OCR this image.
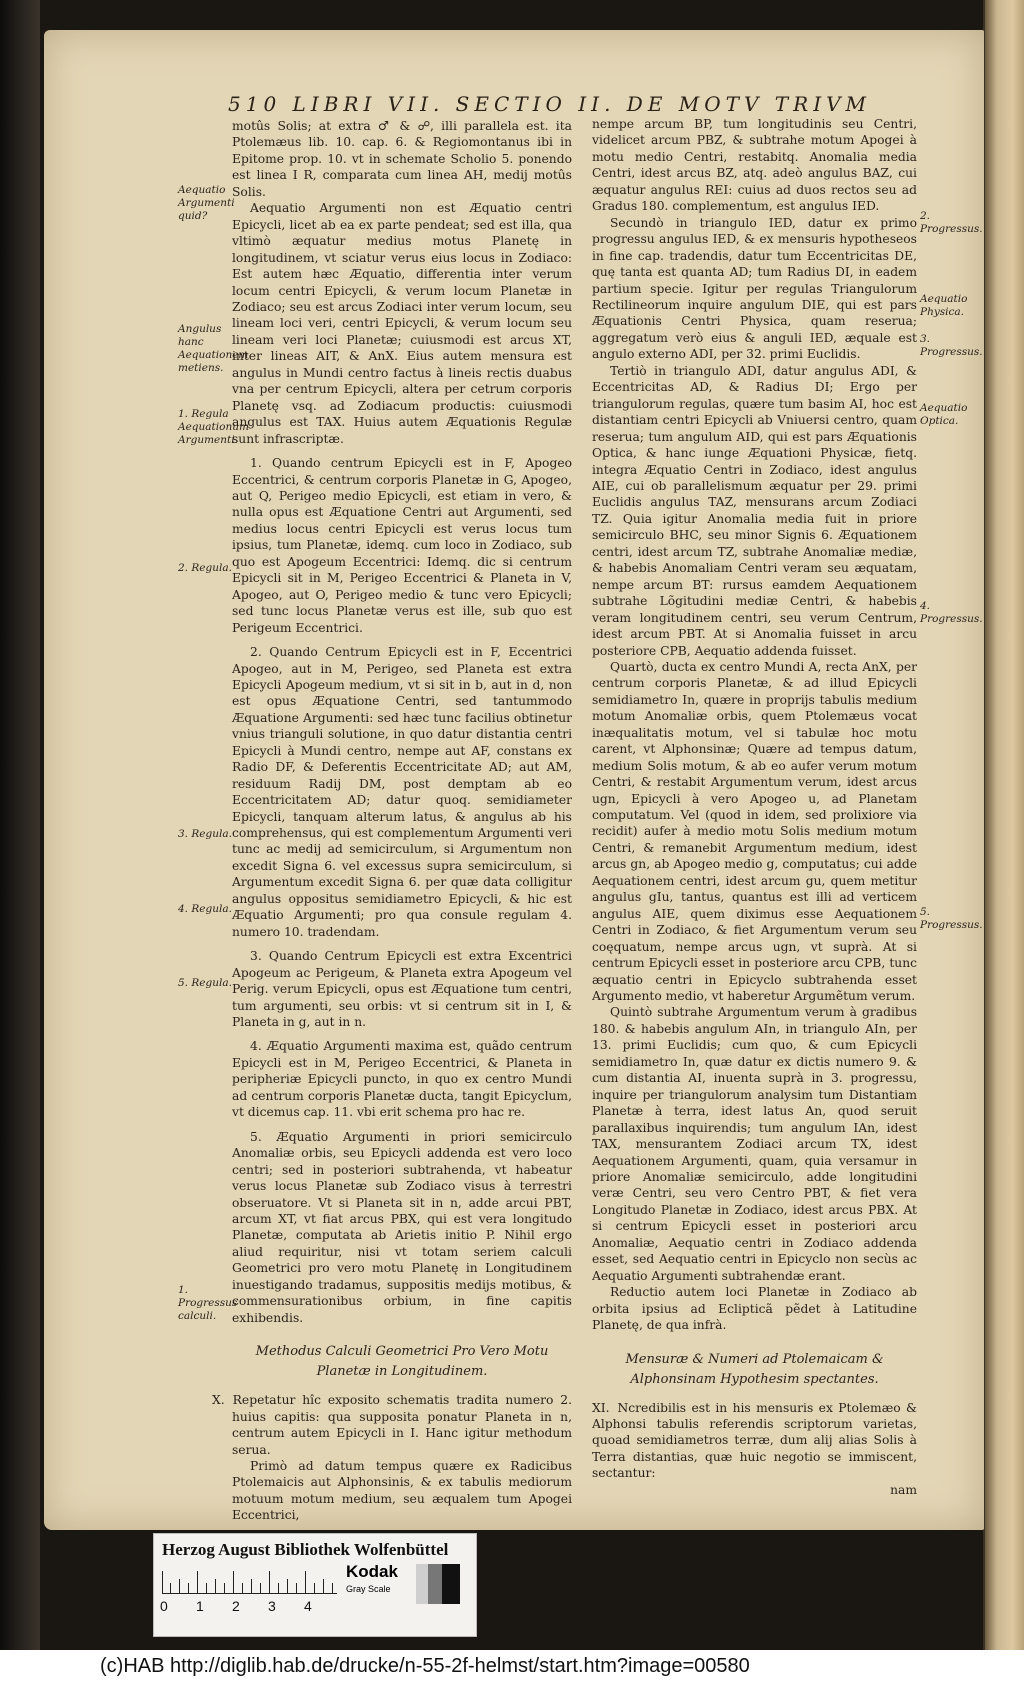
510 LIBRI VII. SECTIO II. DE MOTV TRIVM
Aequatio Argumenti quid?
Angulus hanc Aequationem metiens.
1. Regula Aequationum Argumenti.
2. Regula.
3. Regula.
4. Regula.
5. Regula.
1. Progressus calculi.
2. Progressus.
Aequatio Physica.
3. Progressus.
Aequatio Optica.
4. Progressus.
5. Progressus.

motûs Solis; at extra ♂ & ☍, illi parallela est. ita Ptolemæus lib. 10. cap. 6. & Regiomontanus ibi in Epitome prop. 10. vt in schemate Scholio 5. ponendo est linea I R, comparata cum linea AH, medij motûs Solis.

Aequatio Argumenti non est Æquatio centri Epicycli, licet ab ea ex parte pendeat; sed est illa, qua vltimò æquatur medius motus Planetę in longitudinem, vt sciatur verus eius locus in Zodiaco: Est autem hæc Æquatio, differentia inter verum locum centri Epicycli, & verum locum Planetæ in Zodiaco; seu est arcus Zodiaci inter verum locum, seu lineam loci veri, centri Epicycli, & verum locum seu lineam veri loci Planetæ; cuiusmodi est arcus XT, inter lineas AIT, & AnX. Eius autem mensura est angulus in Mundi centro factus à lineis rectis duabus vna per centrum Epicycli, altera per cetrum corporis Planetę vsq. ad Zodiacum productis: cuiusmodi angulus est TAX. Huius autem Æquationis Regulæ sunt infrascriptæ.

1. Quando centrum Epicycli est in F, Apogeo Eccentrici, & centrum corporis Planetæ in G, Apogeo, aut Q, Perigeo medio Epicycli, est etiam in vero, & nulla opus est Æquatione Centri aut Argumenti, sed medius locus centri Epicycli est verus locus tum ipsius, tum Planetæ, idemq. cum loco in Zodiaco, sub quo est Apogeum Eccentrici: Idemq. dic si centrum Epicycli sit in M, Perigeo Eccentrici & Planeta in V, Apogeo, aut O, Perigeo medio & tunc vero Epicycli; sed tunc locus Planetæ verus est ille, sub quo est Perigeum Eccentrici.

2. Quando Centrum Epicycli est in F, Eccentrici Apogeo, aut in M, Perigeo, sed Planeta est extra Epicycli Apogeum medium, vt si sit in b, aut in d, non est opus Æquatione Centri, sed tantummodo Æquatione Argumenti: sed hæc tunc facilius obtinetur vnius trianguli solutione, in quo datur distantia centri Epicycli à Mundi centro, nempe aut AF, constans ex Radio DF, & Deferentis Eccentricitate AD; aut AM, residuum Radij DM, post demptam ab eo Eccentricitatem AD; datur quoq. semidiameter Epicycli, tanquam alterum latus, & angulus ab his comprehensus, qui est complementum Argumenti veri tunc ac medij ad semicirculum, si Argumentum non excedit Signa 6. vel excessus supra semicirculum, si Argumentum excedit Signa 6. per quæ data colligitur angulus oppositus semidiametro Epicycli, & hic est Æquatio Argumenti; pro qua consule regulam 4. numero 10. tradendam.

3. Quando Centrum Epicycli est extra Excentrici Apogeum ac Perigeum, & Planeta extra Apogeum vel Perig. verum Epicycli, opus est Æquatione tum centri, tum argumenti, seu orbis: vt si centrum sit in I, & Planeta in g, aut in n.

4. Æquatio Argumenti maxima est, quãdo centrum Epicycli est in M, Perigeo Eccentrici, & Planeta in peripheriæ Epicycli puncto, in quo ex centro Mundi ad centrum corporis Planetæ ducta, tangit Epicyclum, vt dicemus cap. 11. vbi erit schema pro hac re.

5. Æquatio Argumenti in priori semicirculo Anomaliæ orbis, seu Epicycli addenda est vero loco centri; sed in posteriori subtrahenda, vt habeatur verus locus Planetæ sub Zodiaco visus à terrestri obseruatore. Vt si Planeta sit in n, adde arcui PBT, arcum XT, vt fiat arcus PBX, qui est vera longitudo Planetæ, computata ab Arietis initio P. Nihil ergo aliud requiritur, nisi vt totam seriem calculi Geometrici pro vero motu Planetę in Longitudinem inuestigando tradamus, suppositis medijs motibus, & commensurationibus orbium, in fine capitis exhibendis.

Methodus Calculi Geometrici Pro Vero Motu Planetæ in Longitudinem.

X. Repetatur hîc exposito schematis tradita numero 2. huius capitis: qua supposita ponatur Planeta in n, centrum autem Epicycli in I. Hanc igitur methodum serua.

Primò ad datum tempus quære ex Radicibus Ptolemaicis aut Alphonsinis, & ex tabulis mediorum motuum motum medium, seu æqualem tum Apogei Eccentrici,

nempe arcum BP, tum longitudinis seu Centri, videlicet arcum PBZ, & subtrahe motum Apogei à motu medio Centri, restabitq. Anomalia media Centri, idest arcus BZ, atq. adeò angulus BAZ, cui æquatur angulus REI: cuius ad duos rectos seu ad Gradus 180. complementum, est angulus IED.

Secundò in triangulo IED, datur ex primo progressu angulus IED, & ex mensuris hypotheseos in fine cap. tradendis, datur tum Eccentricitas DE, quę tanta est quanta AD; tum Radius DI, in eadem partium specie. Igitur per regulas Triangulorum Rectilineorum inquire angulum DIE, qui est pars Æquationis Centri Physica, quam reserua; aggregatum verò eius & anguli IED, æquale est angulo externo ADI, per 32. primi Euclidis.

Tertiò in triangulo ADI, datur angulus ADI, & Eccentricitas AD, & Radius DI; Ergo per triangulorum regulas, quære tum basim AI, hoc est distantiam centri Epicycli ab Vniuersi centro, quam reserua; tum angulum AID, qui est pars Æquationis Optica, & hanc iunge Æquationi Physicæ, fietq. integra Æquatio Centri in Zodiaco, idest angulus AIE, cui ob parallelismum æquatur per 29. primi Euclidis angulus TAZ, mensurans arcum Zodiaci TZ. Quia igitur Anomalia media fuit in priore semicirculo BHC, seu minor Signis 6. Æquationem centri, idest arcum TZ, subtrahe Anomaliæ mediæ, & habebis Anomaliam Centri veram seu æquatam, nempe arcum BT: rursus eamdem Aequationem subtrahe Lõgitudini mediæ Centri, & habebis veram longitudinem centri, seu verum Centrum, idest arcum PBT. At si Anomalia fuisset in arcu posteriore CPB, Aequatio addenda fuisset.

Quartò, ducta ex centro Mundi A, recta AnX, per centrum corporis Planetæ, & ad illud Epicycli semidiametro In, quære in proprijs tabulis medium motum Anomaliæ orbis, quem Ptolemæus vocat inæqualitatis motum, vel si tabulæ hoc motu carent, vt Alphonsinæ; Quære ad tempus datum, medium Solis motum, & ab eo aufer verum motum Centri, & restabit Argumentum verum, idest arcus ugn, Epicycli à vero Apogeo u, ad Planetam computatum. Vel (quod in idem, sed prolixiore via recidit) aufer à medio motu Solis medium motum Centri, & remanebit Argumentum medium, idest arcus gn, ab Apogeo medio g, computatus; cui adde Aequationem centri, idest arcum gu, quem metitur angulus gIu, tantus, quantus est illi ad verticem angulus AIE, quem diximus esse Aequationem Centri in Zodiaco, & fiet Argumentum verum seu coęquatum, nempe arcus ugn, vt suprà. At si centrum Epicycli esset in posteriore arcu CPB, tunc æquatio centri in Epicyclo subtrahenda esset Argumento medio, vt haberetur Argumẽtum verum.

Quintò subtrahe Argumentum verum à gradibus 180. & habebis angulum AIn, in triangulo AIn, per 13. primi Euclidis; cum quo, & cum Epicycli semidiametro In, quæ datur ex dictis numero 9. & cum distantia AI, inuenta suprà in 3. progressu, inquire per triangulorum analysim tum Distantiam Planetæ à terra, idest latus An, quod seruit parallaxibus inquirendis; tum angulum IAn, idest TAX, mensurantem Zodiaci arcum TX, idest Aequationem Argumenti, quam, quia versamur in priore Anomaliæ semicirculo, adde longitudini veræ Centri, seu vero Centro PBT, & fiet vera Longitudo Planetæ in Zodiaco, idest arcus PBX. At si centrum Epicycli esset in posteriori arcu Anomaliæ, Aequatio centri in Zodiaco addenda esset, sed Aequatio centri in Epicyclo non secùs ac Aequatio Argumenti subtrahendæ erant.

Reductio autem loci Planetæ in Zodiaco ab orbita ipsius ad Eclipticã pẽdet à Latitudine Planetę, de qua infrà.

Mensuræ & Numeri ad Ptolemaicam & Alphonsinam Hypothesim spectantes.

XI. Ncredibilis est in his mensuris ex Ptolemæo & Alphonsi tabulis referendis scriptorum varietas, quoad semidiametros terræ, dum alij alias Solis à Terra distantias, quæ huic negotio se immiscent, sectantur:

nam

Herzog August Bibliothek Wolfenbüttel
0 1 2 3 4
Kodak
Gray Scale
(c)HAB http://diglib.hab.de/drucke/n-55-2f-helmst/start.htm?image=00580
